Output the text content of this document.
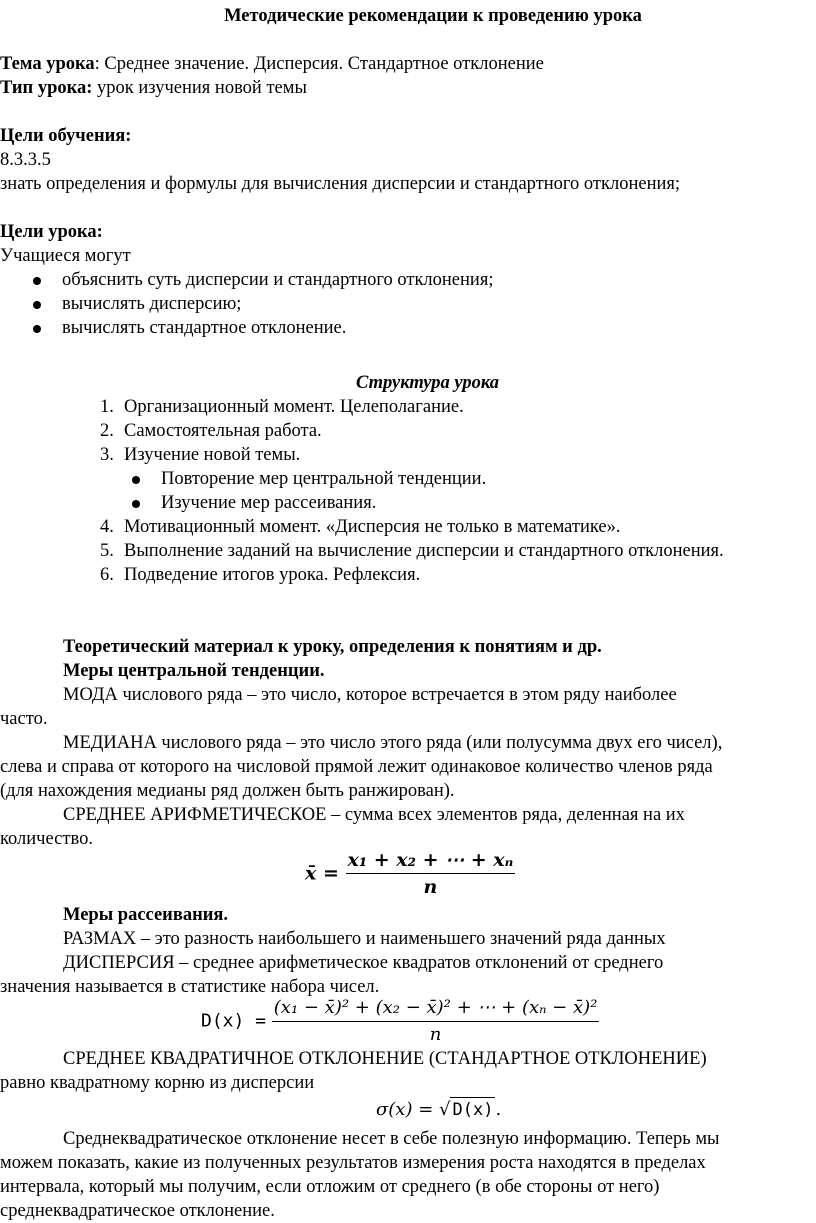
Методические рекомендации к проведению урока
Тема урока: Среднее значение. Дисперсия. Стандартное отклонение
Тип урока: урок изучения новой темы
Цели обучения:
8.3.3.5
знать определения и формулы для вычисления дисперсии и стандартного отклонения;
Цели урока:
Учащиеся могут
объяснить суть дисперсии и стандартного отклонения;
вычислять дисперсию;
вычислять стандартное отклонение.
Структура урока
1. Организационный момент. Целеполагание.
2. Самостоятельная работа.
3. Изучение новой темы.
Повторение мер центральной тенденции.
Изучение мер рассеивания.
4. Мотивационный момент. «Дисперсия не только в математике».
5. Выполнение заданий на вычисление дисперсии и стандартного отклонения.
6. Подведение итогов урока. Рефлексия.
Теоретический материал к уроку, определения к понятиям и др.
Меры центральной тенденции.
МОДА числового ряда – это число, которое встречается в этом ряду наиболее
часто.
МЕДИАНА числового ряда – это число этого ряда (или полусумма двух его чисел),
слева и справа от которого на числовой прямой лежит одинаковое количество членов ряда
(для нахождения медианы ряд должен быть ранжирован).
СРЕДНЕЕ АРИФМЕТИЧЕСКОЕ – сумма всех элементов ряда, деленная на их
количество.
x̄ = $\frac{\text{x₁ + x₂ + ⋯ + xₙ}}{n}$
Меры рассеивания.
РАЗМАХ – это разность наибольшего и наименьшего значений ряда данных
ДИСПЕРСИЯ – среднее арифметическое квадратов отклонений от среднего
значения называется в статистике набора чисел.
$D(x) = \frac{\text{(x₁ − x̄)² + (x₂ − x̄)² + ⋯ + (xₙ − x̄)²}}{n}$
СРЕДНЕЕ КВАДРАТИЧНОЕ ОТКЛОНЕНИЕ (СТАНДАРТНОЕ ОТКЛОНЕНИЕ)
равно квадратному корню из дисперсии
σ(x) = √ D(x) .
Среднеквадратическое отклонение несет в себе полезную информацию. Теперь мы
можем показать, какие из полученных результатов измерения роста находятся в пределах
интервала, который мы получим, если отложим от среднего (в обе стороны от него)
среднеквадратическое отклонение.
